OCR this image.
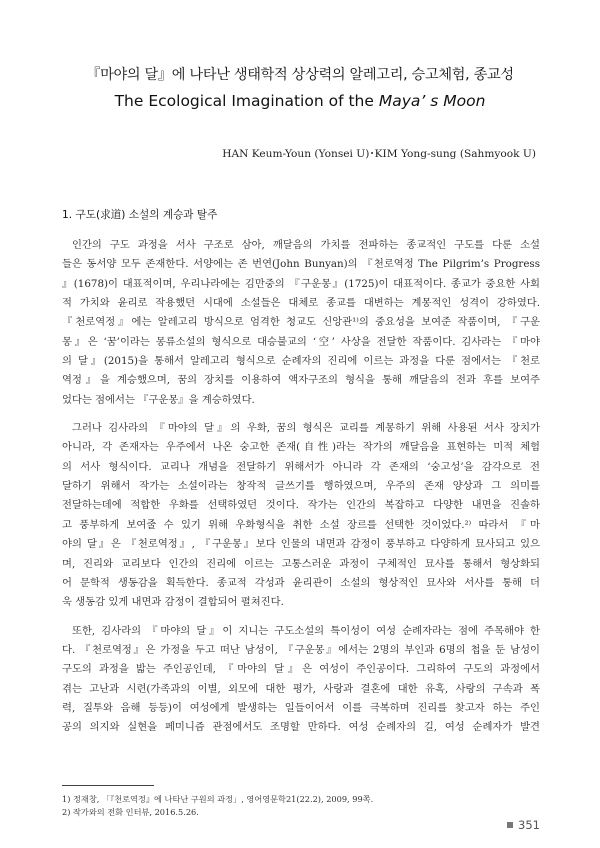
『마야의 달』에 나타난 생태학적 상상력의 알레고리, 승고체험, 종교성
The Ecological Imagination of the Maya’ s Moon
HAN Keum-Youn (Yonsei U)･KIM Yong-sung (Sahmyook U)
1. 구도(求道) 소설의 계승과 탈주
인간의 구도 과정을 서사 구조로 삼아, 깨달음의 가치를 전파하는 종교적인 구도를 다룬 소설
들은 동서양 모두 존재한다. 서양에는 존 번연(John Bunyan)의 『천로역정 The Pilgrim’s Progress
』(1678)이 대표적이며, 우리나라에는 김만중의 『구운몽』(1725)이 대표적이다. 종교가 중요한 사회
적 가치와 윤리로 작용했던 시대에 소설들은 대체로 종교를 대변하는 계몽적인 성격이 강하였다.
『천로역정』에는 알레고리 방식으로 엄격한 청교도 신앙관¹⁾의 중요성을 보여준 작품이며, 『구운
몽』은 ‘꿈’이라는 몽류소설의 형식으로 대승불교의 ‘空’ 사상을 전달한 작품이다. 김사라는 『마야
의 달』(2015)을 통해서 알레고리 형식으로 순례자의 진리에 이르는 과정을 다룬 점에서는 『천로
역정』을 계승했으며, 꿈의 장치를 이용하여 액자구조의 형식을 통해 깨달음의 전과 후를 보여주
었다는 점에서는 『구운몽』을 계승하였다.
그러나 김사라의 『마야의 달』의 우화, 꿈의 형식은 교리를 계몽하기 위해 사용된 서사 장치가
아니라, 각 존재자는 우주에서 나온 숭고한 존재(自性)라는 작가의 깨달음을 표현하는 미적 체험
의 서사 형식이다. 교리나 개념을 전달하기 위해서가 아니라 각 존재의 ‘숭고성’을 감각으로 전
달하기 위해서 작가는 소설이라는 창작적 글쓰기를 행하였으며, 우주의 존재 양상과 그 의미를
전달하는데에 적합한 우화를 선택하였던 것이다. 작가는 인간의 복잡하고 다양한 내면을 진솔하
고 풍부하게 보여줄 수 있기 위해 우화형식을 취한 소설 장르를 선택한 것이었다.²⁾ 따라서 『마
야의 달』은 『천로역정』, 『구운몽』보다 인물의 내면과 감정이 풍부하고 다양하게 묘사되고 있으
며, 진리와 교리보다 인간의 진리에 이르는 고통스러운 과정이 구체적인 묘사를 통해서 형상화되
어 문학적 생동감을 획득한다. 종교적 각성과 윤리관이 소설의 형상적인 묘사와 서사를 통해 더
욱 생동감 있게 내면과 감정이 결합되어 펼쳐진다.
또한, 김사라의 『마야의 달』이 지니는 구도소설의 특이성이 여성 순례자라는 점에 주목해야 한
다. 『천로역정』은 가정을 두고 떠난 남성이, 『구운몽』에서는 2명의 부인과 6명의 첩을 둔 남성이
구도의 과정을 밟는 주인공인데, 『마야의 달』은 여성이 주인공이다. 그리하여 구도의 과정에서
겪는 고난과 시련(가족과의 이별, 외모에 대한 평가, 사랑과 결혼에 대한 유혹, 사랑의 구속과 폭
력, 질투와 음해 등등)이 여성에게 발생하는 일들이어서 이를 극복하며 진리를 찾고자 하는 주인
공의 의지와 실현을 페미니즘 관점에서도 조명할 만하다. 여성 순례자의 길, 여성 순례자가 발견
1) 정재창, 「『천로역정』에 나타난 구원의 과정」, 영어영문학21(22.2), 2009, 99쪽.
2) 작가와의 전화 인터뷰, 2016.5.26.
351
